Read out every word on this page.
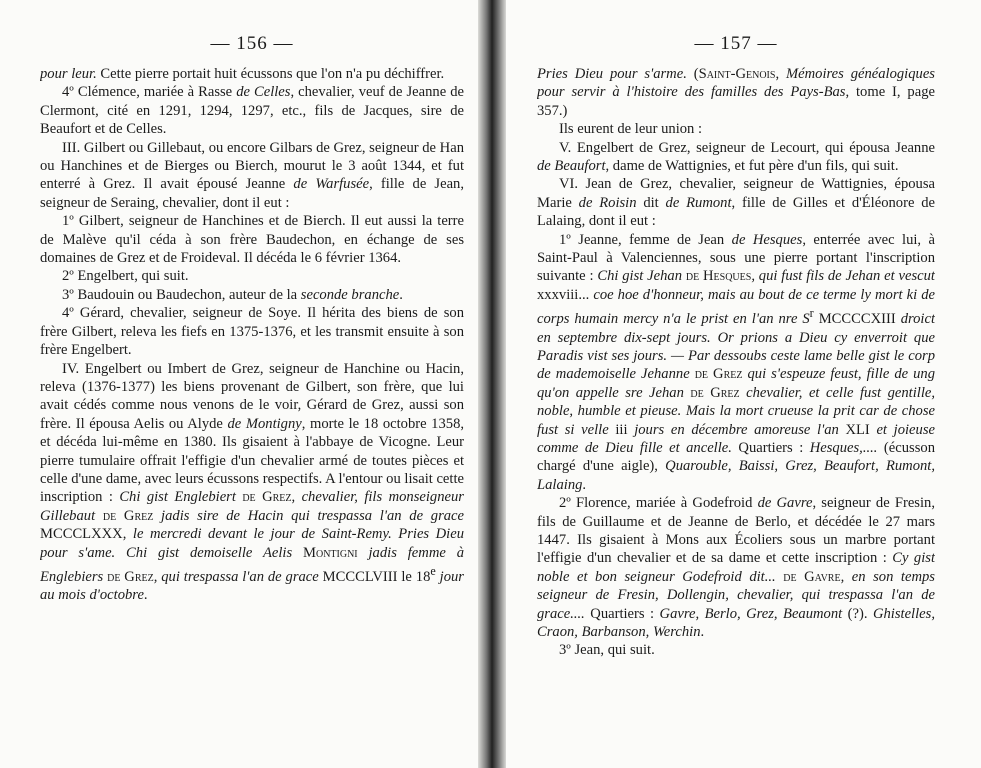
— 156 —

pour leur. Cette pierre portait huit écussons que l'on n'a pu déchiffrer.

4º Clémence, mariée à Rasse de Celles, chevalier, veuf de Jeanne de Clermont, cité en 1291, 1294, 1297, etc., fils de Jacques, sire de Beaufort et de Celles.

III. Gilbert ou Gillebaut, ou encore Gilbars de Grez, seigneur de Han ou Hanchines et de Bierges ou Bierch, mourut le 3 août 1344, et fut enterré à Grez. Il avait épousé Jeanne de Warfusée, fille de Jean, seigneur de Seraing, chevalier, dont il eut :

1º Gilbert, seigneur de Hanchines et de Bierch. Il eut aussi la terre de Malève qu'il céda à son frère Baudechon, en échange de ses domaines de Grez et de Froideval. Il décéda le 6 février 1364.

2º Engelbert, qui suit.

3º Baudouin ou Baudechon, auteur de la seconde branche.

4º Gérard, chevalier, seigneur de Soye. Il hérita des biens de son frère Gilbert, releva les fiefs en 1375-1376, et les transmit ensuite à son frère Engelbert.

IV. Engelbert ou Imbert de Grez, seigneur de Hanchine ou Hacin, releva (1376-1377) les biens provenant de Gilbert, son frère, que lui avait cédés comme nous venons de le voir, Gérard de Grez, aussi son frère. Il épousa Aelis ou Alyde de Montigny, morte le 18 octobre 1358, et décéda lui-même en 1380. Ils gisaient à l'abbaye de Vicogne. Leur pierre tumulaire offrait l'effigie d'un chevalier armé de toutes pièces et celle d'une dame, avec leurs écussons respectifs. A l'entour ou lisait cette inscription : Chi gist Englebiert de Grez, chevalier, fils monseigneur Gillebaut de Grez jadis sire de Hacin qui trespassa l'an de grace MCCCLXXX, le mercredi devant le jour de Saint-Remy. Pries Dieu pour s'ame. Chi gist demoiselle Aelis Montigni jadis femme à Englebiers de Grez, qui trespassa l'an de grace MCCCLVIII le 18e jour au mois d'octobre.

— 157 —

Pries Dieu pour s'arme. (Saint-Genois, Mémoires généalogiques pour servir à l'histoire des familles des Pays-Bas, tome I, page 357.)

Ils eurent de leur union :

V. Engelbert de Grez, seigneur de Lecourt, qui épousa Jeanne de Beaufort, dame de Wattignies, et fut père d'un fils, qui suit.

VI. Jean de Grez, chevalier, seigneur de Wattignies, épousa Marie de Roisin dit de Rumont, fille de Gilles et d'Éléonore de Lalaing, dont il eut :

1º Jeanne, femme de Jean de Hesques, enterrée avec lui, à Saint-Paul à Valenciennes, sous une pierre portant l'inscription suivante : Chi gist Jehan de Hesques, qui fust fils de Jehan et vescut xxxviii... coe hoe d'honneur, mais au bout de ce terme ly mort ki de corps humain mercy n'a le prist en l'an nre $S^r$ MCCCCXIII droict en septembre dix-sept jours. Or prions a Dieu cy enverroit que Paradis vist ses jours. — Par dessoubs ceste lame belle gist le corp de mademoiselle Jehanne de Grez qui s'espeuze feust, fille de ung qu'on appelle sre Jehan de Grez chevalier, et celle fust gentille, noble, humble et pieuse. Mais la mort crueuse la prit car de chose fust si velle iii jours en décembre amoreuse l'an XLI et joieuse comme de Dieu fille et ancelle. Quartiers : Hesques,.... (écusson chargé d'une aigle), Quarouble, Baissi, Grez, Beaufort, Rumont, Lalaing.

2º Florence, mariée à Godefroid de Gavre, seigneur de Fresin, fils de Guillaume et de Jeanne de Berlo, et décédée le 27 mars 1447. Ils gisaient à Mons aux Écoliers sous un marbre portant l'effigie d'un chevalier et de sa dame et cette inscription : Cy gist noble et bon seigneur Godefroid dit... de Gavre, en son temps seigneur de Fresin, Dollengin, chevalier, qui trespassa l'an de grace.... Quartiers : Gavre, Berlo, Grez, Beaumont (?). Ghistelles, Craon, Barbanson, Werchin.

3º Jean, qui suit.
